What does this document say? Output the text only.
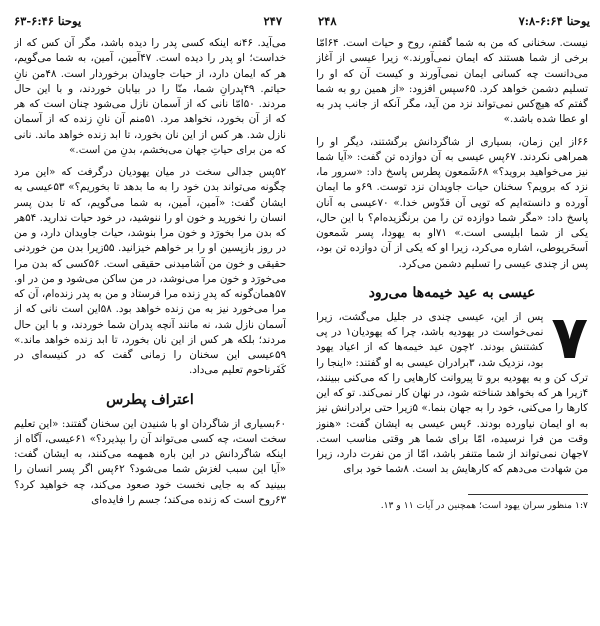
یوحنا ۶:۴۶-۶۳	۲۴۷	۲۴۸	یوحنا ۶:۶۴-۷:۸

می‌آید. ۴۶نه اینکه کسی پدر را دیده باشد، مگر آن کس که از خداست؛ او پدر را دیده است. ۴۷آمین، آمین، به شما می‌گویم، هر که ایمان دارد، از حیات جاویدان برخوردار است. ۴۸من نانِ حیاتم. ۴۹پدرانِ شما، منّا را در بیابان خوردند، و با این حال مردند. ۵۰امّا نانی که از آسمان نازل می‌شود چنان است که هر که از آن بخورد، نخواهد مرد. ۵۱منم آن نانِ زنده که از آسمان نازل شد. هر کس از این نان بخورد، تا ابد زنده خواهد ماند. نانی که من برای حیاتِ جهان می‌بخشم، بدنِ من است.»

۵۲پس جدالی سخت در میان یهودیان درگرفت که «این مرد چگونه می‌تواند بدن خود را به ما بدهد تا بخوریم؟» ۵۳عیسی به ایشان گفت: «آمین، آمین، به شما می‌گویم، که تا بدن پسر انسان را نخورید و خون او را ننوشید، در خود حیات ندارید. ۵۴هر که بدن مرا بخورَد و خون مرا بنوشد، حیات جاویدان دارد، و من در روز بازپسین او را بر خواهم خیزانید. ۵۵زیرا بدن من خوردنی حقیقی و خون من آشامیدنی حقیقی است. ۵۶کسی که بدن مرا می‌خورَد و خون مرا می‌نوشد، در من ساکن می‌شود و من در او. ۵۷همان‌گونه که پدرِ زنده مرا فرستاد و من به پدر زنده‌ام، آن که مرا می‌خورد نیز به من زنده خواهد بود. ۵۸این است نانی که از آسمان نازل شد، نه مانند آنچه پدران شما خوردند، و با این حال مردند؛ بلکه هر کس از این نان بخورد، تا ابد زنده خواهد ماند.» ۵۹عیسی این سخنان را زمانی گفت که در کنیسه‌ای در کَفَرناحوم تعلیم می‌داد.

اعتراف پطرس

۶۰بسیاری از شاگردان او با شنیدن این سخنان گفتند: «این تعلیم سخت است، چه کسی می‌تواند آن را بپذیرد؟» ۶۱عیسی، آگاه از اینکه شاگردانش در این باره همهمه می‌کنند، به ایشان گفت: «آیا این سبب لغزش شما می‌شود؟ ۶۲پس اگر پسر انسان را ببینید که به جایی نخست خود صعود می‌کند، چه خواهید کرد؟ ۶۳روح است که زنده می‌کند؛ جسم را فایده‌ای

نیست. سخنانی که من به شما گفتم، روح و حیات است. ۶۴امّا برخی از شما هستند که ایمان نمی‌آورند.» زیرا عیسی از آغاز می‌دانست چه کسانی ایمان نمی‌آورند و کیست آن که او را تسلیم دشمن خواهد کرد. ۶۵سپس افزود: «از همین رو به شما گفتم که هیچ‌کس نمی‌تواند نزد من آید، مگر آنکه از جانب پدر به او عطا شده باشد.»

۶۶از این زمان، بسیاری از شاگردانش برگشتند، دیگر او را همراهی نکردند. ۶۷پس عیسی به آن دوازده تن گفت: «آیا شما نیز می‌خواهید بروید؟» ۶۸شَمعون پطرس پاسخ داد: «سرور ما، نزد که برویم؟ سخنان حیات جاویدان نزد توست. ۶۹و ما ایمان آورده و دانسته‌ایم که تویی آن قدّوس خدا.» ۷۰عیسی به آنان پاسخ داد: «مگر شما دوازده تن را من برنگزیده‌ام؟ با این حال، یکی از شما ابلیسی است.» ۷۱او به یهودا، پسر شَمعون اَسخَریوطی، اشاره می‌کرد، زیرا او که یکی از آن دوازده تن بود، پس از چندی عیسی را تسلیم دشمن می‌کرد.

عیسی به عید خیمه‌ها می‌رود
۷

پس از این، عیسی چندی در جلیل می‌گشت، زیرا نمی‌خواست در یهودیه باشد، چرا که یهودیان۱ در پی کشتنش بودند. ۲چون عید خیمه‌ها که از اعیاد یهود بود، نزدیک شد، ۳برادران عیسی به او گفتند: «اینجا را ترک کن و به یهودیه برو تا پیروانت کارهایی را که می‌کنی ببینند، ۴زیرا هر که بخواهد شناخته شود، در نهان کار نمی‌کند. تو که این کارها را می‌کنی، خود را به جهان بنما.» ۵زیرا حتی برادرانش نیز به او ایمان نیاورده بودند. ۶پس عیسی به ایشان گفت: «هنوز وقت من فرا نرسیده، امّا برای شما هر وقتی مناسب است. ۷جهان نمی‌تواند از شما متنفر باشد، امّا از من نفرت دارد، زیرا من شهادت می‌دهم که کارهایش بد است. ۸شما خود برای

۱:۷ منظور سران یهود است؛ همچنین در آیات ۱۱ و ۱۳.
